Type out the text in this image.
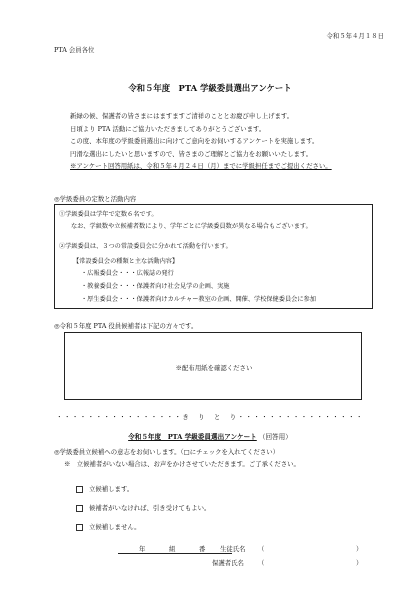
令和５年４月１８日
PTA 会員各位
令和５年度　PTA 学級委員選出アンケート
新緑の候、保護者の皆さまにはますますご清祥のこととお慶び申し上げます。
日頃より PTA 活動にご協力いただきましてありがとうございます。
この度、本年度の学級委員選出に向けてご意向をお伺いするアンケートを実施します。
円滑な選出にしたいと思いますので、皆さまのご理解とご協力をお願いいたします。
※アンケート回答用紙は、令和５年４月２４日（月）までに学級担任までご提出ください。
◎学級委員の定数と活動内容
①学級委員は学年で定数６名です。
なお、学級数や立候補者数により、学年ごとに学級委員数が異なる場合もございます。
②学級委員は、３つの常設委員会に分かれて活動を行います。
【常設委員会の種類と主な活動内容】
・広報委員会・・・広報誌の発行
・教養委員会・・・保護者向け社会見学の企画、実施
・厚生委員会・・・保護者向けカルチャー教室の企画、開催、学校保健委員会に参加
◎令和５年度 PTA 役員候補者は下記の方々です。
※配布用紙を確認ください
・・・・・・・・・・・・・・・・き　り　と　り・・・・・・・・・・・・・・・・
令和５年度　PTA 学級委員選出アンケート （回答用）
◎学級委員立候補への意志をお伺いします。（□にチェックを入れてください）
※　立候補者がいない場合は、お声をかけさせていただきます。ご了承ください。
立候補します。
候補者がいなければ、引き受けてもよい。
立候補しません。
年	組	番 生徒氏名 （	）
保護者氏名 （	）
